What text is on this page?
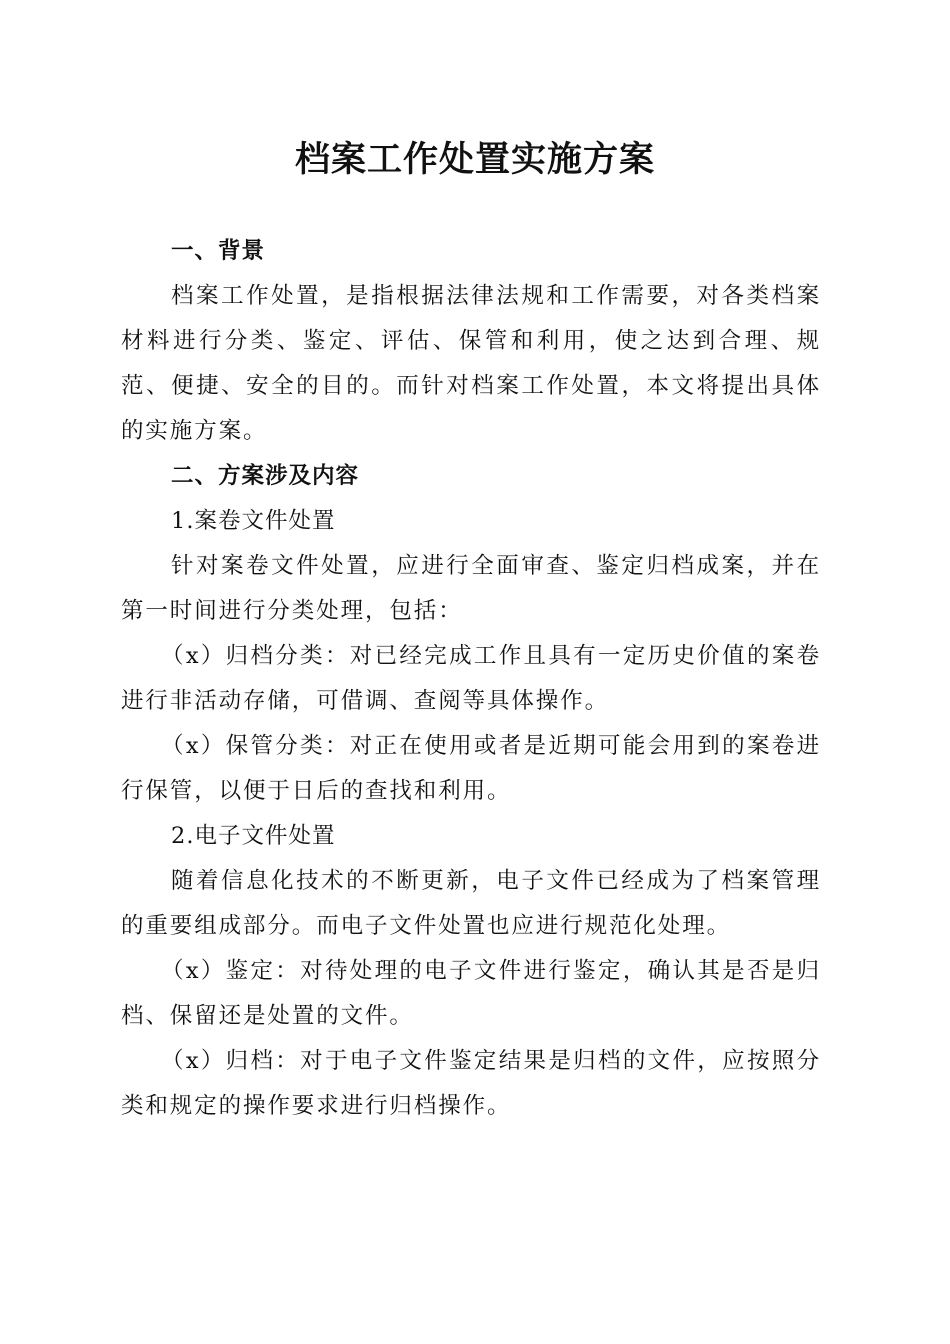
档案工作处置实施方案
一、背景

档案工作处置，是指根据法律法规和工作需要，对各类档案材料进行分类、鉴定、评估、保管和利用，使之达到合理、规范、便捷、安全的目的。而针对档案工作处置，本文将提出具体的实施方案。

二、方案涉及内容

1.案卷文件处置

针对案卷文件处置，应进行全面审查、鉴定归档成案，并在第一时间进行分类处理，包括：

（x）归档分类：对已经完成工作且具有一定历史价值的案卷进行非活动存储，可借调、查阅等具体操作。

（x）保管分类：对正在使用或者是近期可能会用到的案卷进行保管，以便于日后的查找和利用。

2.电子文件处置

随着信息化技术的不断更新，电子文件已经成为了档案管理的重要组成部分。而电子文件处置也应进行规范化处理。

（x）鉴定：对待处理的电子文件进行鉴定，确认其是否是归档、保留还是处置的文件。

（x）归档：对于电子文件鉴定结果是归档的文件，应按照分类和规定的操作要求进行归档操作。
